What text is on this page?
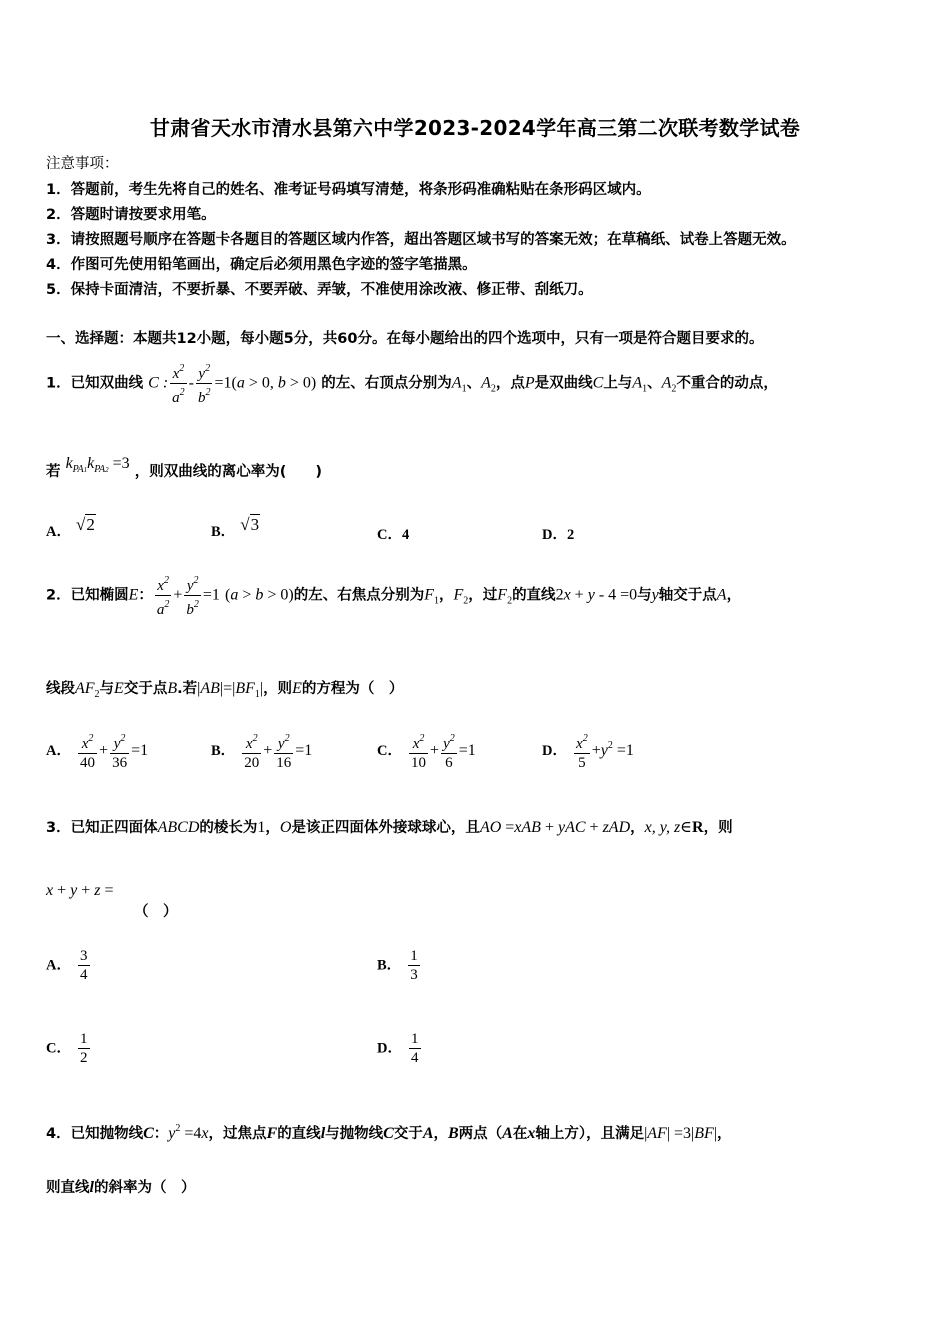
甘肃省天水市清水县第六中学2023-2024学年高三第二次联考数学试卷
注意事项：
1．答题前，考生先将自己的姓名、准考证号码填写清楚，将条形码准确粘贴在条形码区域内。
2．答题时请按要求用笔。
3．请按照题号顺序在答题卡各题目的答题区域内作答，超出答题区域书写的答案无效；在草稿纸、试卷上答题无效。
4．作图可先使用铅笔画出，确定后必须用黑色字迹的签字笔描黑。
5．保持卡面清洁，不要折暴、不要弄破、弄皱，不准使用涂改液、修正带、刮纸刀。
一、选择题：本题共12小题，每小题5分，共60分。在每小题给出的四个选项中，只有一项是符合题目要求的。
1．已知双曲线 C : $\frac{x^2}{a^2} - \frac{y^2}{b^2} =1(a > 0$, b > 0) 的左、右顶点分别为$A_1$、$A_2$，点P是双曲线C上与$A_1$、$A_2$不重合的动点，
若 $k_{PA1}k_{PA2} =3$ ，则双曲线的离心率为(　　)
A． √2	B． √3
C．4	D．2
2．已知椭圆E： $\frac{x^2}{a^2} + \frac{y^2}{b^2} =1$ (a > b > 0)的左、右焦点分别为$F_1$，$F_2$，过$F_2$的直线2x + y - 4 =0与y轴交于点A，
线段$AF_2$与E交于点B.若$|AB|=|BF_1|$，则E的方程为（　）
A． $\frac{x^2}{40} + \frac{y^2}{36} =1$	B． $\frac{x^2}{20} + \frac{y^2}{16} =1$	C． $\frac{x^2}{10} + \frac{y^2}{6} =1$	D． $\frac{x^2}{5} +y^2 =1$
3．已知正四面体ABCD的棱长为1，O是该正四面体外接球球心，且AO =xAB + yAC + zAD，x, y, z∈R，则
x + y + z =
（　）
A． $\frac{3}{4}$	B． $\frac{1}{3}$
C． $\frac{1}{2}$	D． $\frac{1}{4}$
4．已知抛物线C：$y^2 =4x$，过焦点F的直线l与抛物线C交于A，B两点（A在x轴上方），且满足|AF| =3|BF|，
则直线l的斜率为（　）
